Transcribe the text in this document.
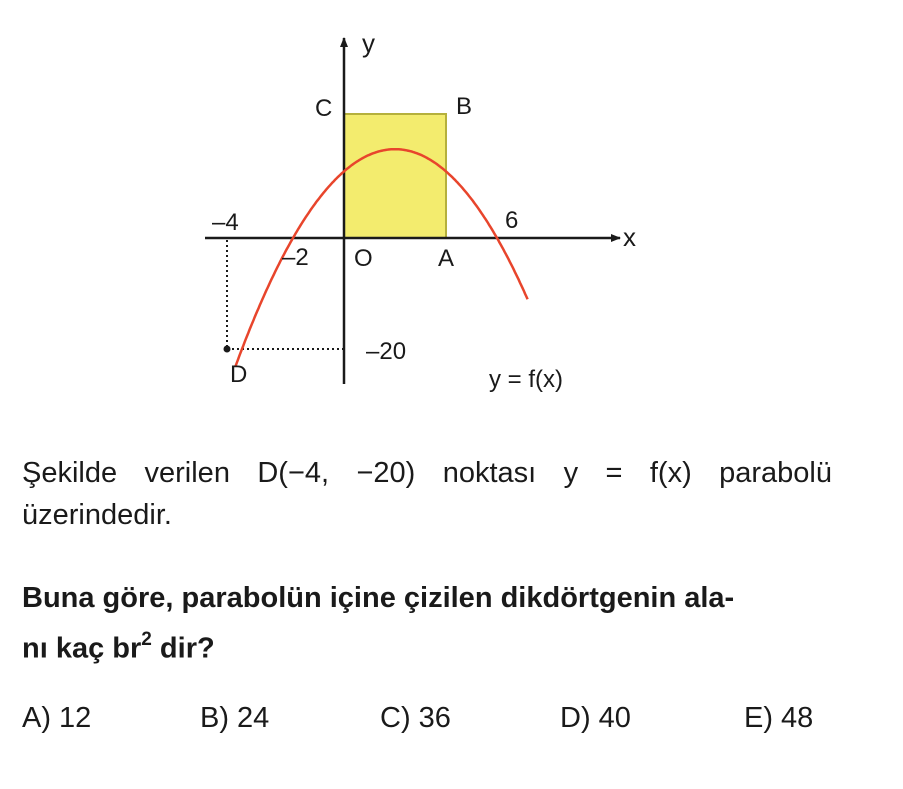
y
x
C	B
–4	6
–2 O	A
–20
D	y = f(x)
Şekilde verilen D(−4, −20) noktası y = f(x) parabolü
üzerindedir.
Buna göre, parabolün içine çizilen dikdörtgenin ala-
nı kaç $br^2$ dir?
A) 12	B) 24	C) 36	D) 40	E) 48
